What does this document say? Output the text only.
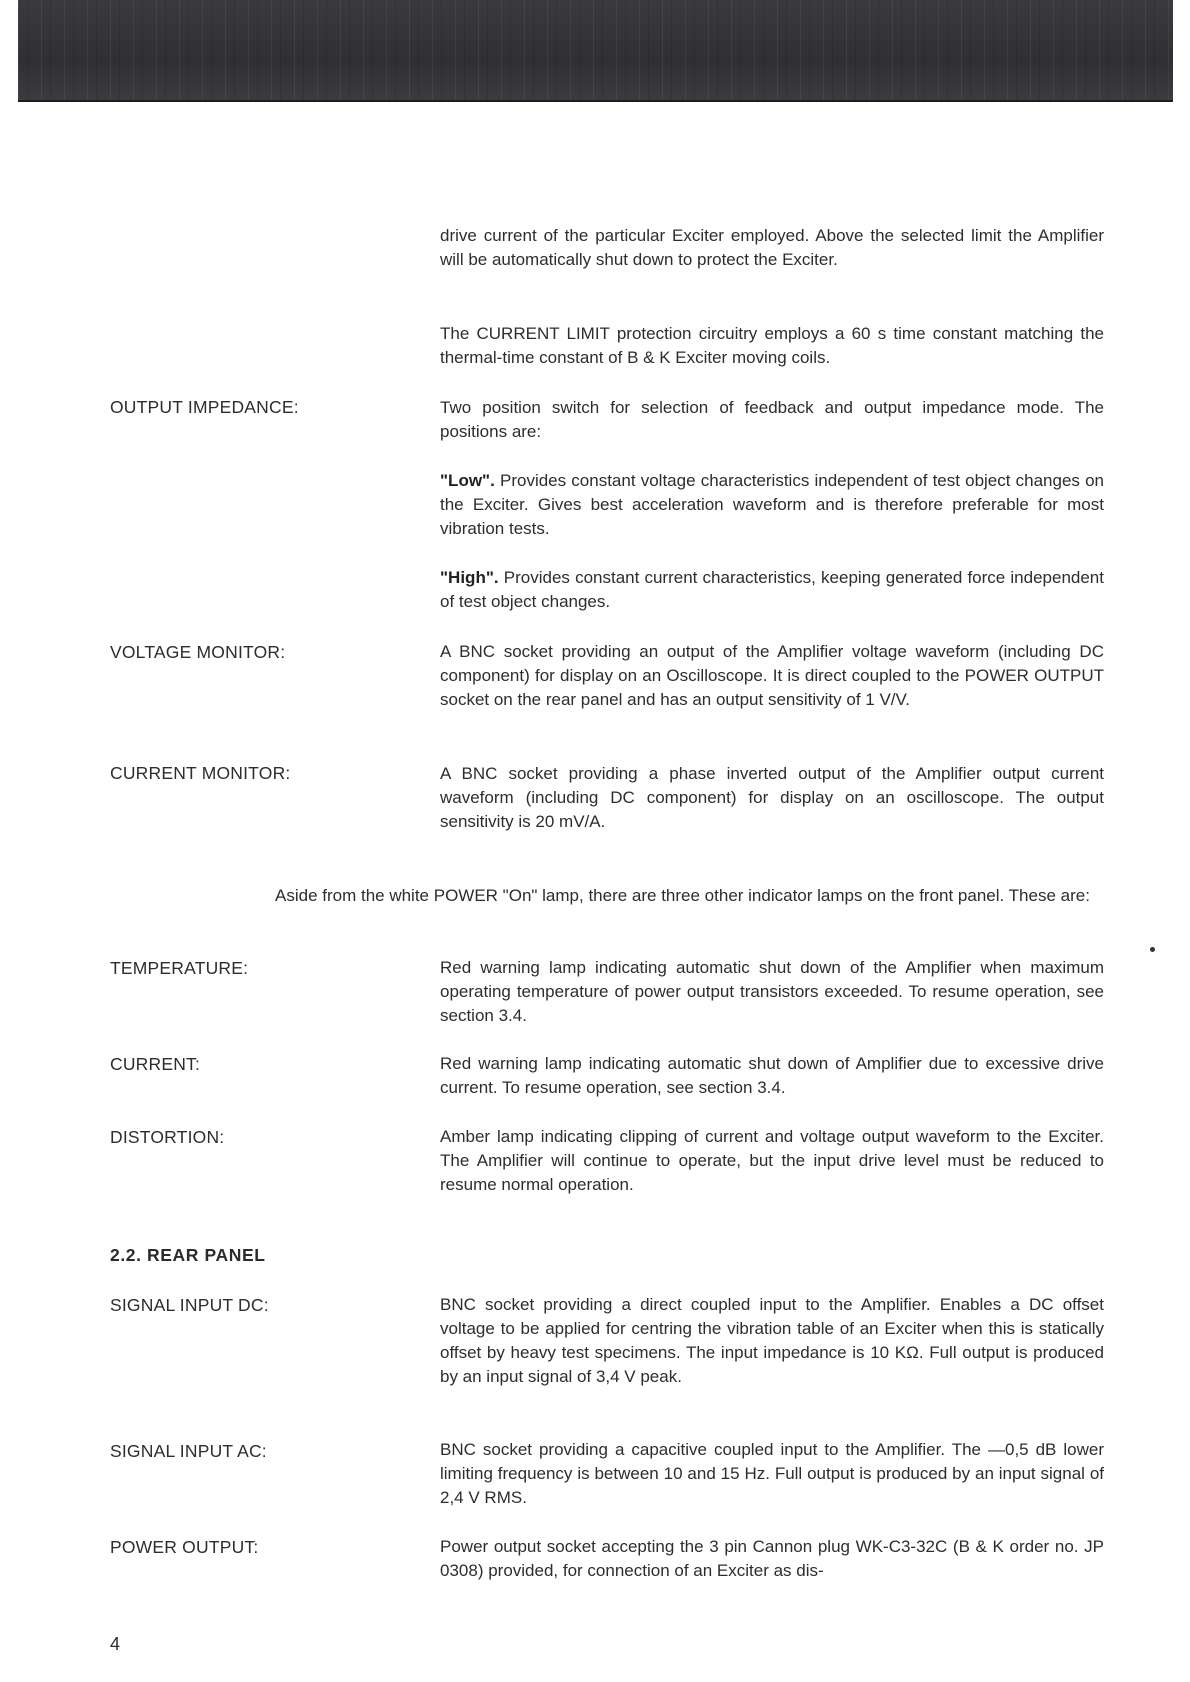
drive current of the particular Exciter employed. Above the selected limit the Amplifier will be automatically shut down to protect the Exciter.

The CURRENT LIMIT protection circuitry employs a 60 s time constant matching the thermal-time constant of B & K Exciter moving coils.

OUTPUT IMPEDANCE:	Two position switch for selection of feedback and output impedance mode. The positions are:

"Low". Provides constant voltage characteristics independent of test object changes on the Exciter. Gives best acceleration waveform and is therefore preferable for most vibration tests.

"High". Provides constant current characteristics, keeping generated force independent of test object changes.

VOLTAGE MONITOR:	A BNC socket providing an output of the Amplifier voltage waveform (including DC component) for display on an Oscilloscope. It is direct coupled to the POWER OUTPUT socket on the rear panel and has an output sensitivity of 1 V/V.

CURRENT MONITOR:	A BNC socket providing a phase inverted output of the Amplifier output current waveform (including DC component) for display on an oscilloscope. The output sensitivity is 20 mV/A.

Aside from the white POWER "On" lamp, there are three other indicator lamps on the front panel. These are:

TEMPERATURE:	Red warning lamp indicating automatic shut down of the Amplifier when maximum operating temperature of power output transistors exceeded. To resume operation, see section 3.4.

CURRENT:	Red warning lamp indicating automatic shut down of Amplifier due to excessive drive current. To resume operation, see section 3.4.

DISTORTION:	Amber lamp indicating clipping of current and voltage output waveform to the Exciter. The Amplifier will continue to operate, but the input drive level must be reduced to resume normal operation.

2.2. REAR PANEL
SIGNAL INPUT DC:	BNC socket providing a direct coupled input to the Amplifier. Enables a DC offset voltage to be applied for centring the vibration table of an Exciter when this is statically offset by heavy test specimens. The input impedance is 10 KΩ. Full output is produced by an input signal of 3,4 V peak.

SIGNAL INPUT AC:	BNC socket providing a capacitive coupled input to the Amplifier. The —0,5 dB lower limiting frequency is between 10 and 15 Hz. Full output is produced by an input signal of 2,4 V RMS.

POWER OUTPUT:	Power output socket accepting the 3 pin Cannon plug WK-C3-32C (B & K order no. JP 0308) provided, for connection of an Exciter as dis-

4
